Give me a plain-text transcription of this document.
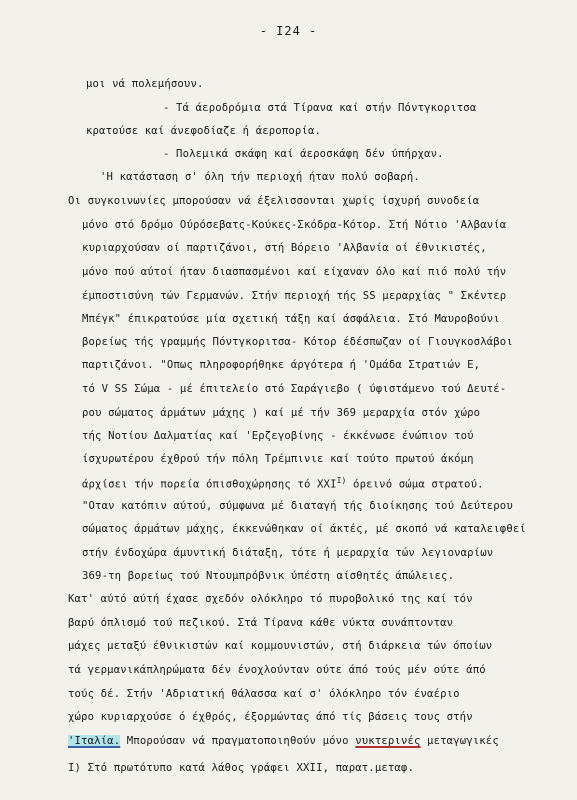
- I24 -
μοι νά πολεμήσουν.
- Τά άεροδρόμια στά Τίρανα καί στήν Πόντγκοριτσα
κρατούσε καί άνεφοδίαζε ή άεροπορία.
- Πολεμικά σκάφη καί άεροσκάφη δέν ύπήρχαν.
'Η κατάσταση σ' όλη τήν περιοχή ήταν πολύ σοβαρή.
Οι συγκοινωνίες μπορούσαν νά έξελισσονται χωρίς ίσχυρή συνοδεία
μόνο στό δρόμο Ούρόσεβατς-Κούκες-Σκόδρα-Κότορ. Στή Νότιο 'Αλβανία
κυριαρχούσαν οί παρτιζάνοι, στή Βόρειο 'Αλβανία οί έθνικιστές,
μόνο πού αύτοί ήταν διασπασμένοι καί είχαναν όλο καί πιό πολύ τήν
έμποστισύνη τών Γερμανών. Στήν περιοχή τής SS μεραρχίας " Σκέντερ
Μπέγκ" έπικρατούσε μία σχετική τάξη καί άσφάλεια. Στό Μαυροβούνι
βορείως τής γραμμής Πόντγκοριτσα- Κότορ έδέσπωζαν οί Γιουγκοσλάβοι
παρτιζάνοι. "Οπως πληροφορήθηκε άργότερα ή 'Ομάδα Στρατιών Ε,
τό V SS Σώμα - μέ έπιτελείο στό Σαράγιεβο ( ύφιστάμενο τού Δευτέ-
ρου σώματος άρμάτων μάχης ) καί μέ τήν 369 μεραρχία στόν χώρο
τής Νοτίου Δαλματίας καί 'Ερζεγοβίνης - έκκένωσε ένώπιον τού
ίσχυρωτέρου έχθρού τήν πόλη Τρέμπινιε καί τούτο πρωτού άκόμη
άρχίσει τήν πορεία όπισθοχώρησης τό $XXI^{I)}$ όρεινό σώμα στρατού.
"Οταν κατόπιν αύτού, σύμφωνα μέ διαταγή τής διοίκησης τού Δεύτερου
σώματος άρμάτων μάχης, έκκενώθηκαν οί άκτές, μέ σκοπό νά καταλειφθεί
στήν ένδοχώρα άμυντική διάταξη, τότε ή μεραρχία τών λεγιοναρίων
369-τη βορείως τού Ντουμπρόβνικ ύπέστη αίσθητές άπώλειες.
Κατ' αύτό αύτή έχασε σχεδόν ολόκληρο τό πυροβολικό της καί τόν
βαρύ όπλισμό τού πεζικού. Στά Τίρανα κάθε νύκτα συνάπτονταν
μάχες μεταξύ έθνικιστών καί κομμουνιστών, στή διάρκεια τών όποίων
τά γερμανικάπληρώματα δέν ένοχλούνταν ούτε άπό τούς μέν ούτε άπό
τούς δέ. Στήν 'Αδριατική θάλασσα καί σ' όλόκληρο τόν έναέριο
χώρο κυριαρχούσε ό έχθρός, έξορμώντας άπό τίς βάσεις τους στήν
'Ιταλία. Μπορούσαν νά πραγματοποιηθούν μόνο νυκτερινές μεταγωγικές
I) Στό πρωτότυπο κατά λάθος γράφει XXII, παρατ.μεταφ.
